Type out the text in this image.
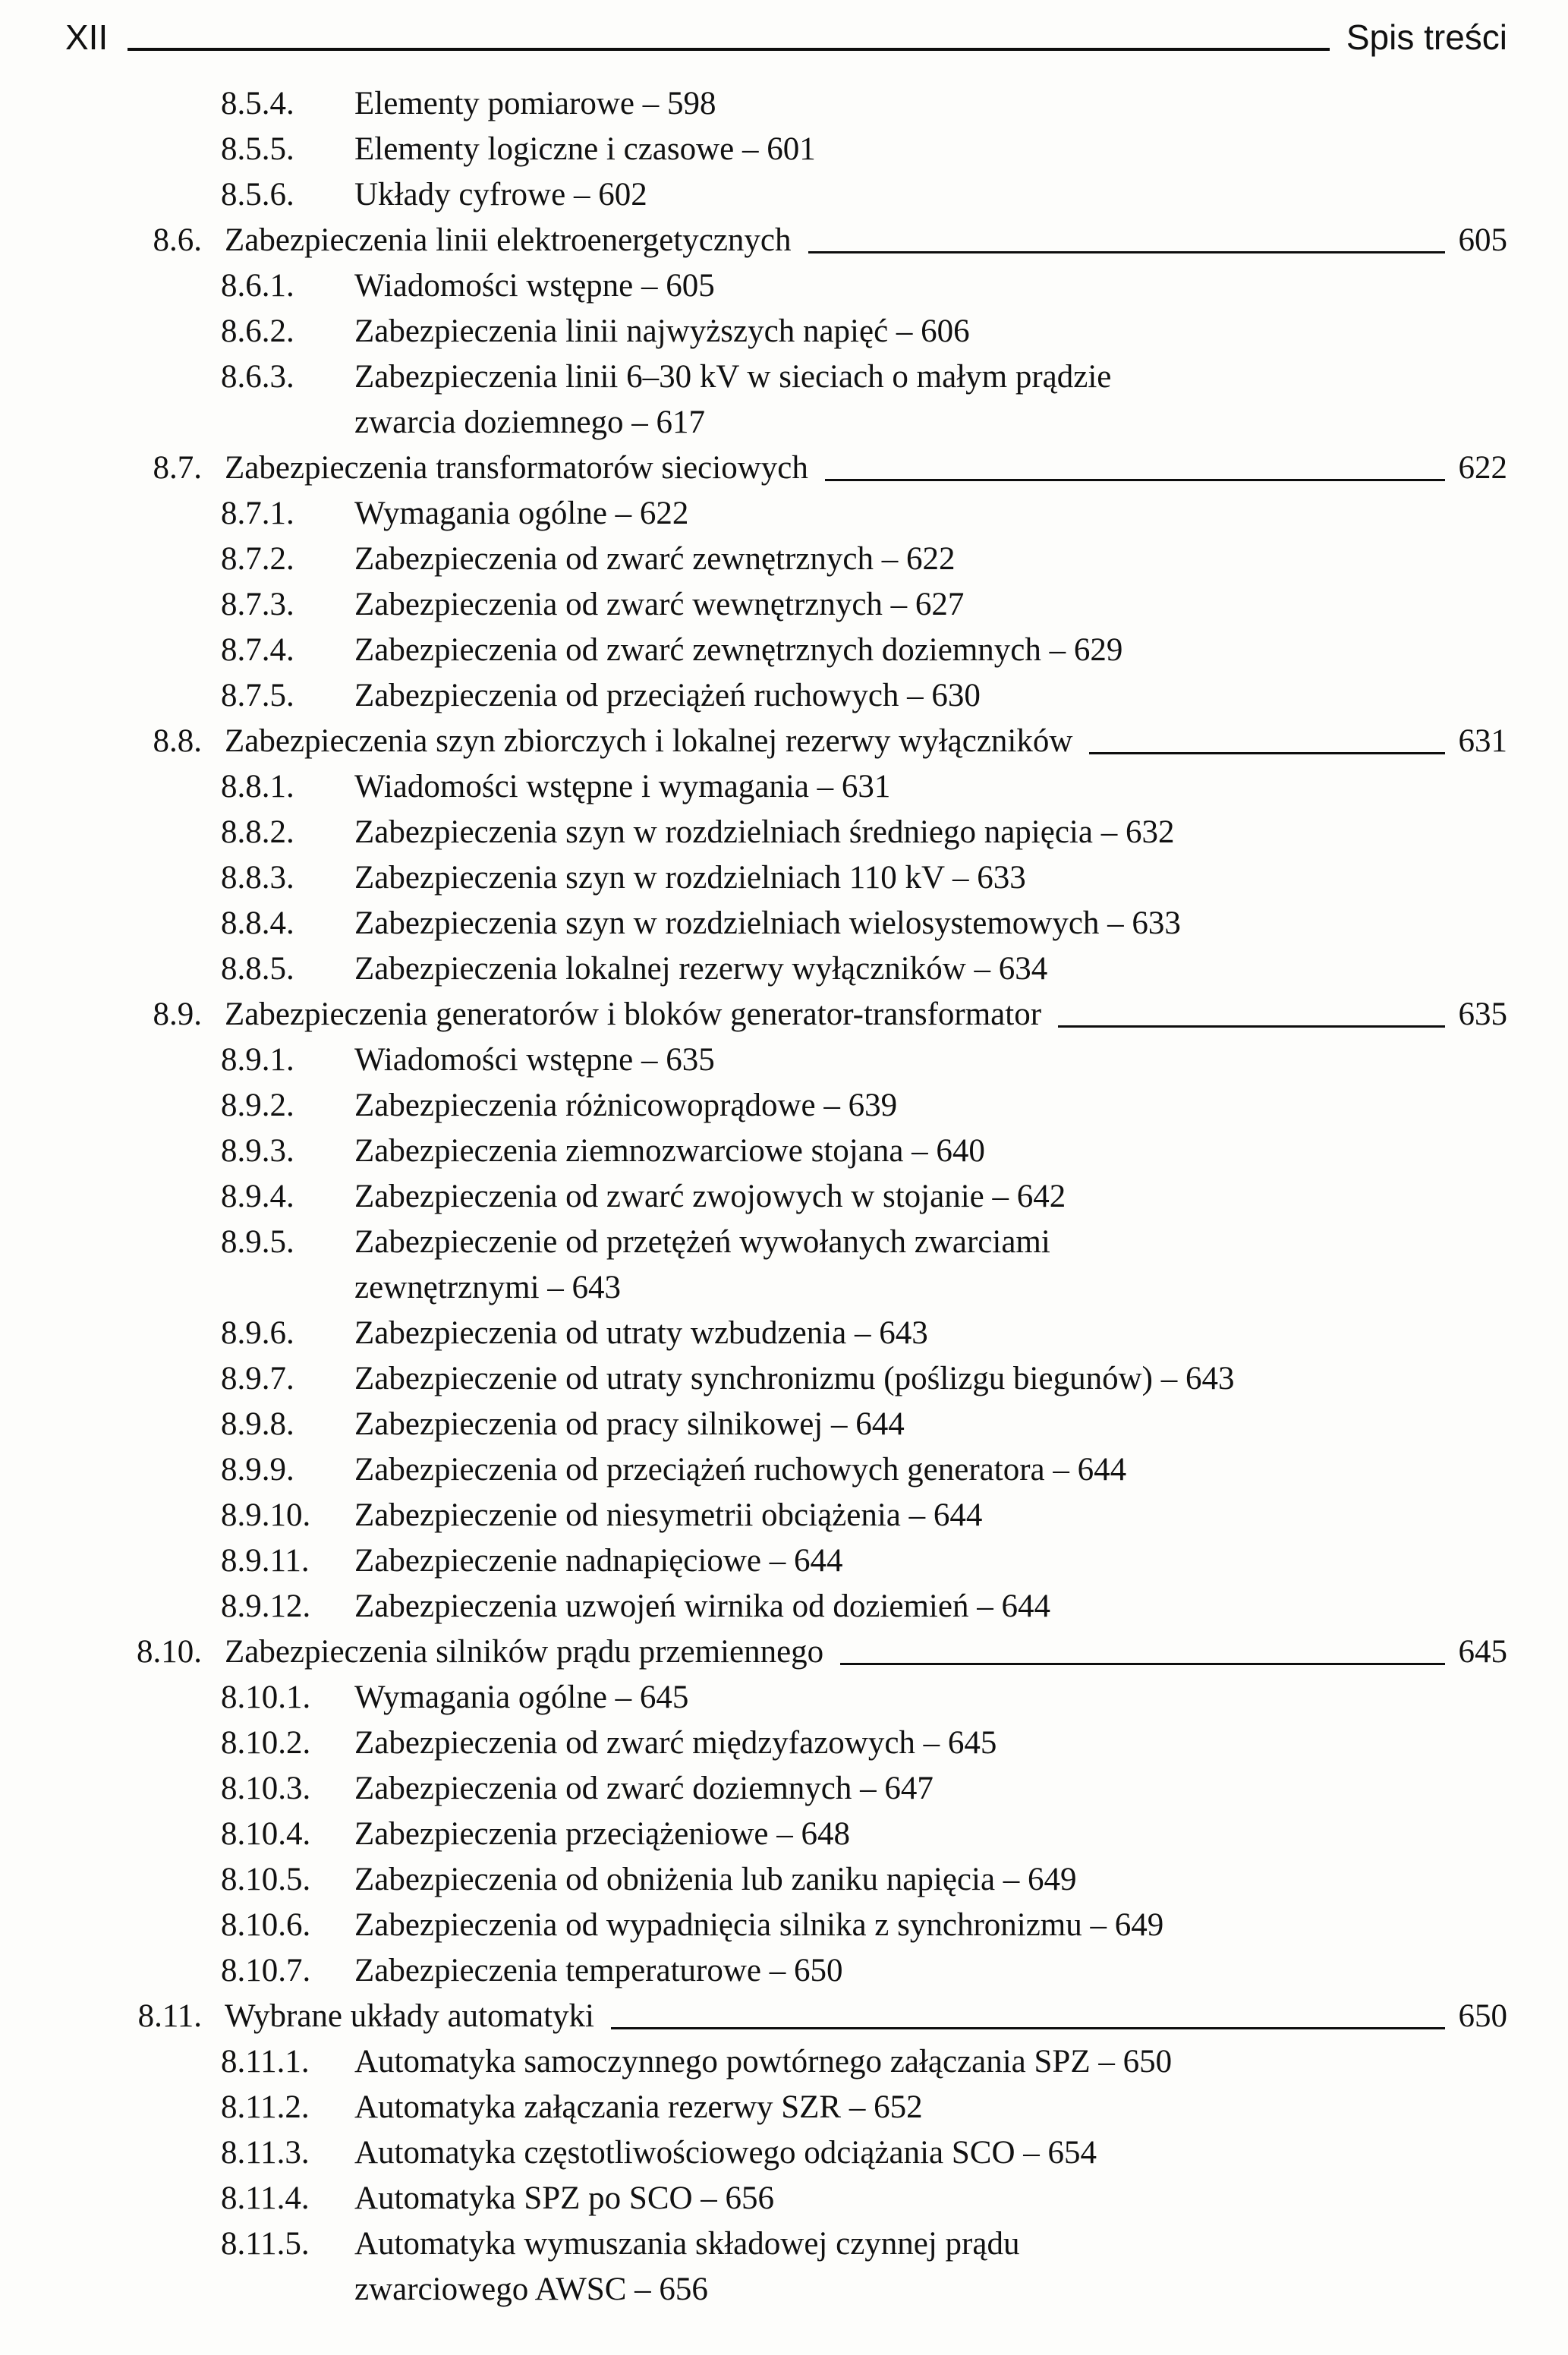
XII	Spis treści
8.5.4.	Elementy pomiarowe – 598
8.5.5.	Elementy logiczne i czasowe – 601
8.5.6.	Układy cyfrowe – 602
8.6. Zabezpieczenia linii elektroenergetycznych	605
8.6.1.	Wiadomości wstępne – 605
8.6.2.	Zabezpieczenia linii najwyższych napięć – 606
8.6.3.	Zabezpieczenia linii 6–30 kV w sieciach o małym prądzie
zwarcia doziemnego – 617
8.7. Zabezpieczenia transformatorów sieciowych	622
8.7.1.	Wymagania ogólne – 622
8.7.2.	Zabezpieczenia od zwarć zewnętrznych – 622
8.7.3.	Zabezpieczenia od zwarć wewnętrznych – 627
8.7.4.	Zabezpieczenia od zwarć zewnętrznych doziemnych – 629
8.7.5.	Zabezpieczenia od przeciążeń ruchowych – 630
8.8. Zabezpieczenia szyn zbiorczych i lokalnej rezerwy wyłączników	631
8.8.1.	Wiadomości wstępne i wymagania – 631
8.8.2.	Zabezpieczenia szyn w rozdzielniach średniego napięcia – 632
8.8.3.	Zabezpieczenia szyn w rozdzielniach 110 kV – 633
8.8.4.	Zabezpieczenia szyn w rozdzielniach wielosystemowych – 633
8.8.5.	Zabezpieczenia lokalnej rezerwy wyłączników – 634
8.9. Zabezpieczenia generatorów i bloków generator-transformator	635
8.9.1.	Wiadomości wstępne – 635
8.9.2.	Zabezpieczenia różnicowoprądowe – 639
8.9.3.	Zabezpieczenia ziemnozwarciowe stojana – 640
8.9.4.	Zabezpieczenia od zwarć zwojowych w stojanie – 642
8.9.5.	Zabezpieczenie od przetężeń wywołanych zwarciami
zewnętrznymi – 643
8.9.6.	Zabezpieczenia od utraty wzbudzenia – 643
8.9.7.	Zabezpieczenie od utraty synchronizmu (poślizgu biegunów) – 643
8.9.8.	Zabezpieczenia od pracy silnikowej – 644
8.9.9.	Zabezpieczenia od przeciążeń ruchowych generatora – 644
8.9.10.	Zabezpieczenie od niesymetrii obciążenia – 644
8.9.11.	Zabezpieczenie nadnapięciowe – 644
8.9.12.	Zabezpieczenia uzwojeń wirnika od doziemień – 644
8.10. Zabezpieczenia silników prądu przemiennego	645
8.10.1.	Wymagania ogólne – 645
8.10.2.	Zabezpieczenia od zwarć międzyfazowych – 645
8.10.3.	Zabezpieczenia od zwarć doziemnych – 647
8.10.4.	Zabezpieczenia przeciążeniowe – 648
8.10.5.	Zabezpieczenia od obniżenia lub zaniku napięcia – 649
8.10.6.	Zabezpieczenia od wypadnięcia silnika z synchronizmu – 649
8.10.7.	Zabezpieczenia temperaturowe – 650
8.11. Wybrane układy automatyki	650
8.11.1.	Automatyka samoczynnego powtórnego załączania SPZ – 650
8.11.2.	Automatyka załączania rezerwy SZR – 652
8.11.3.	Automatyka częstotliwościowego odciążania SCO – 654
8.11.4.	Automatyka SPZ po SCO – 656
8.11.5.	Automatyka wymuszania składowej czynnej prądu
zwarciowego AWSC – 656
